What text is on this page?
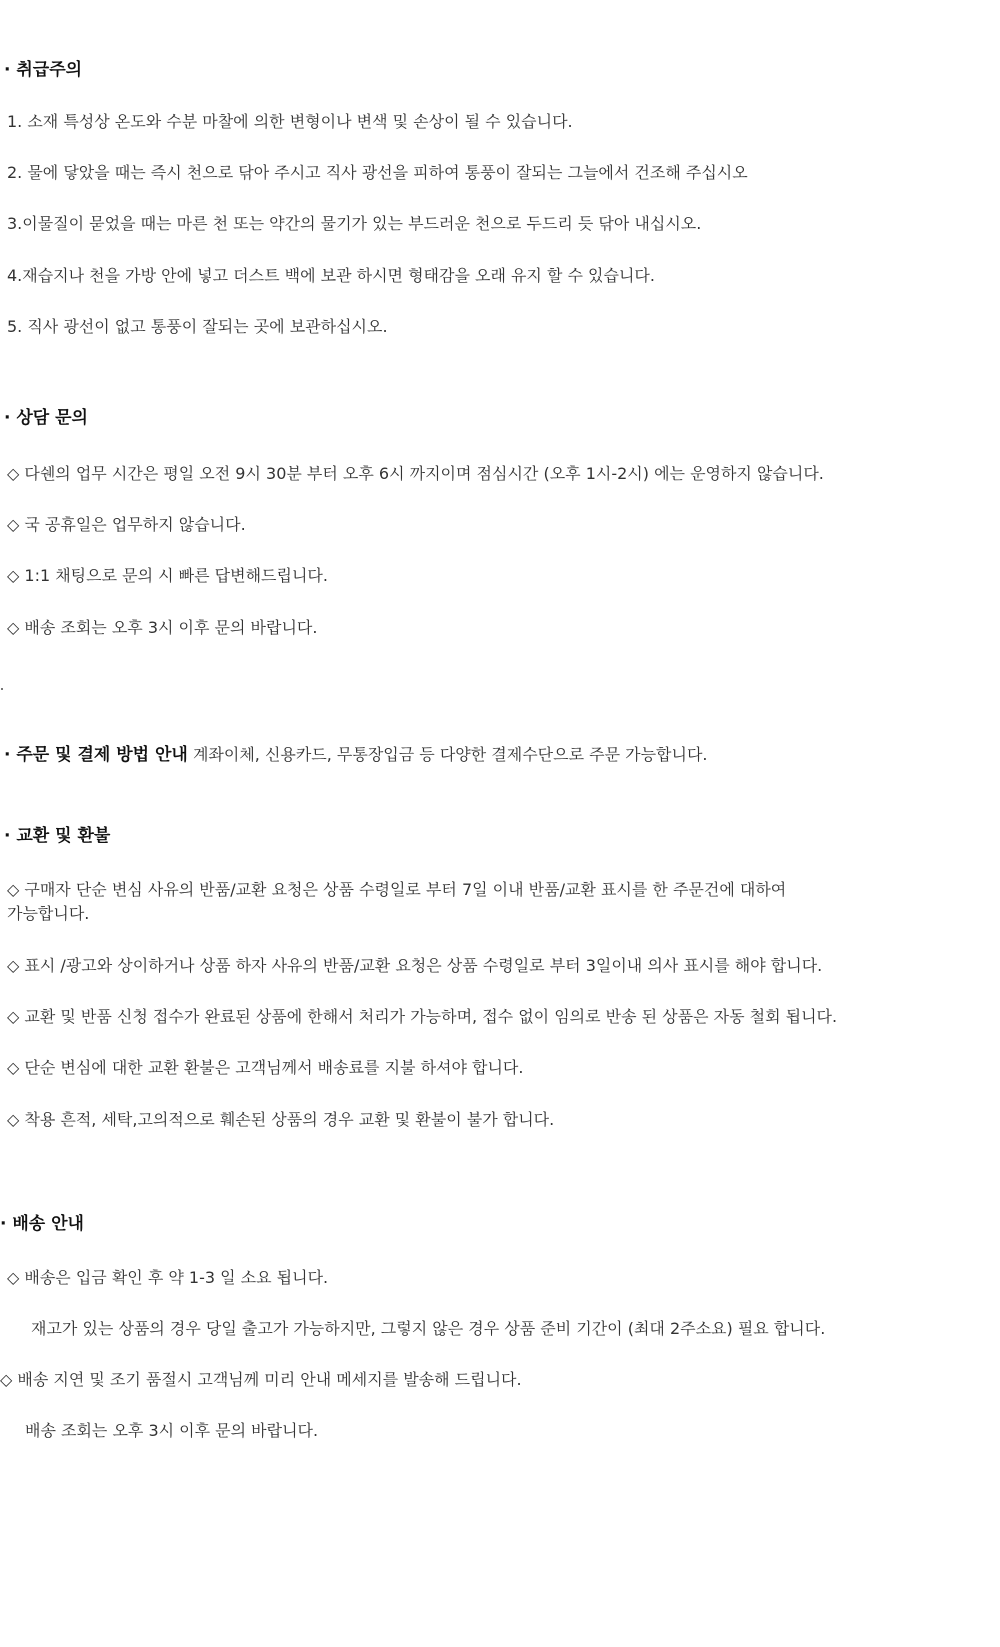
· 취급주의
1. 소재 특성상 온도와 수분 마찰에 의한 변형이나 변색 및 손상이 될 수 있습니다.
2. 물에 닿았을 때는 즉시 천으로 닦아 주시고 직사 광선을 피하여 통풍이 잘되는 그늘에서 건조해 주십시오
3.이물질이 묻었을 때는 마른 천 또는 약간의 물기가 있는 부드러운 천으로 두드리 듯 닦아 내십시오.
4.재습지나 천을 가방 안에 넣고 더스트 백에 보관 하시면 형태감을 오래 유지 할 수 있습니다.
5. 직사 광선이 없고 통풍이 잘되는 곳에 보관하십시오.
· 상담 문의
◇ 다쉔의 업무 시간은 평일 오전 9시 30분 부터 오후 6시 까지이며 점심시간 (오후 1시-2시) 에는 운영하지 않습니다.
◇ 국 공휴일은 업무하지 않습니다.
◇ 1:1 채팅으로 문의 시 빠른 답변해드립니다.
◇ 배송 조회는 오후 3시 이후 문의 바랍니다.
· 주문 및 결제 방법 안내 계좌이체, 신용카드, 무통장입금 등 다양한 결제수단으로 주문 가능합니다.
· 교환 및 환불
◇ 구매자 단순 변심 사유의 반품/교환 요청은 상품 수령일로 부터 7일 이내 반품/교환 표시를 한 주문건에 대하여
가능합니다.
◇ 표시 /광고와 상이하거나 상품 하자 사유의 반품/교환 요청은 상품 수령일로 부터 3일이내 의사 표시를 해야 합니다.
◇ 교환 및 반품 신청 접수가 완료된 상품에 한해서 처리가 가능하며, 접수 없이 임의로 반송 된 상품은 자동 철회 됩니다.
◇ 단순 변심에 대한 교환 환불은 고객님께서 배송료를 지불 하셔야 합니다.
◇ 착용 흔적, 세탁,고의적으로 훼손된 상품의 경우 교환 및 환불이 불가 합니다.
· 배송 안내
◇ 배송은 입금 확인 후 약 1-3 일 소요 됩니다.
재고가 있는 상품의 경우 당일 출고가 가능하지만, 그렇지 않은 경우 상품 준비 기간이 (최대 2주소요) 필요 합니다.
◇ 배송 지연 및 조기 품절시 고객님께 미리 안내 메세지를 발송해 드립니다.
배송 조회는 오후 3시 이후 문의 바랍니다.
